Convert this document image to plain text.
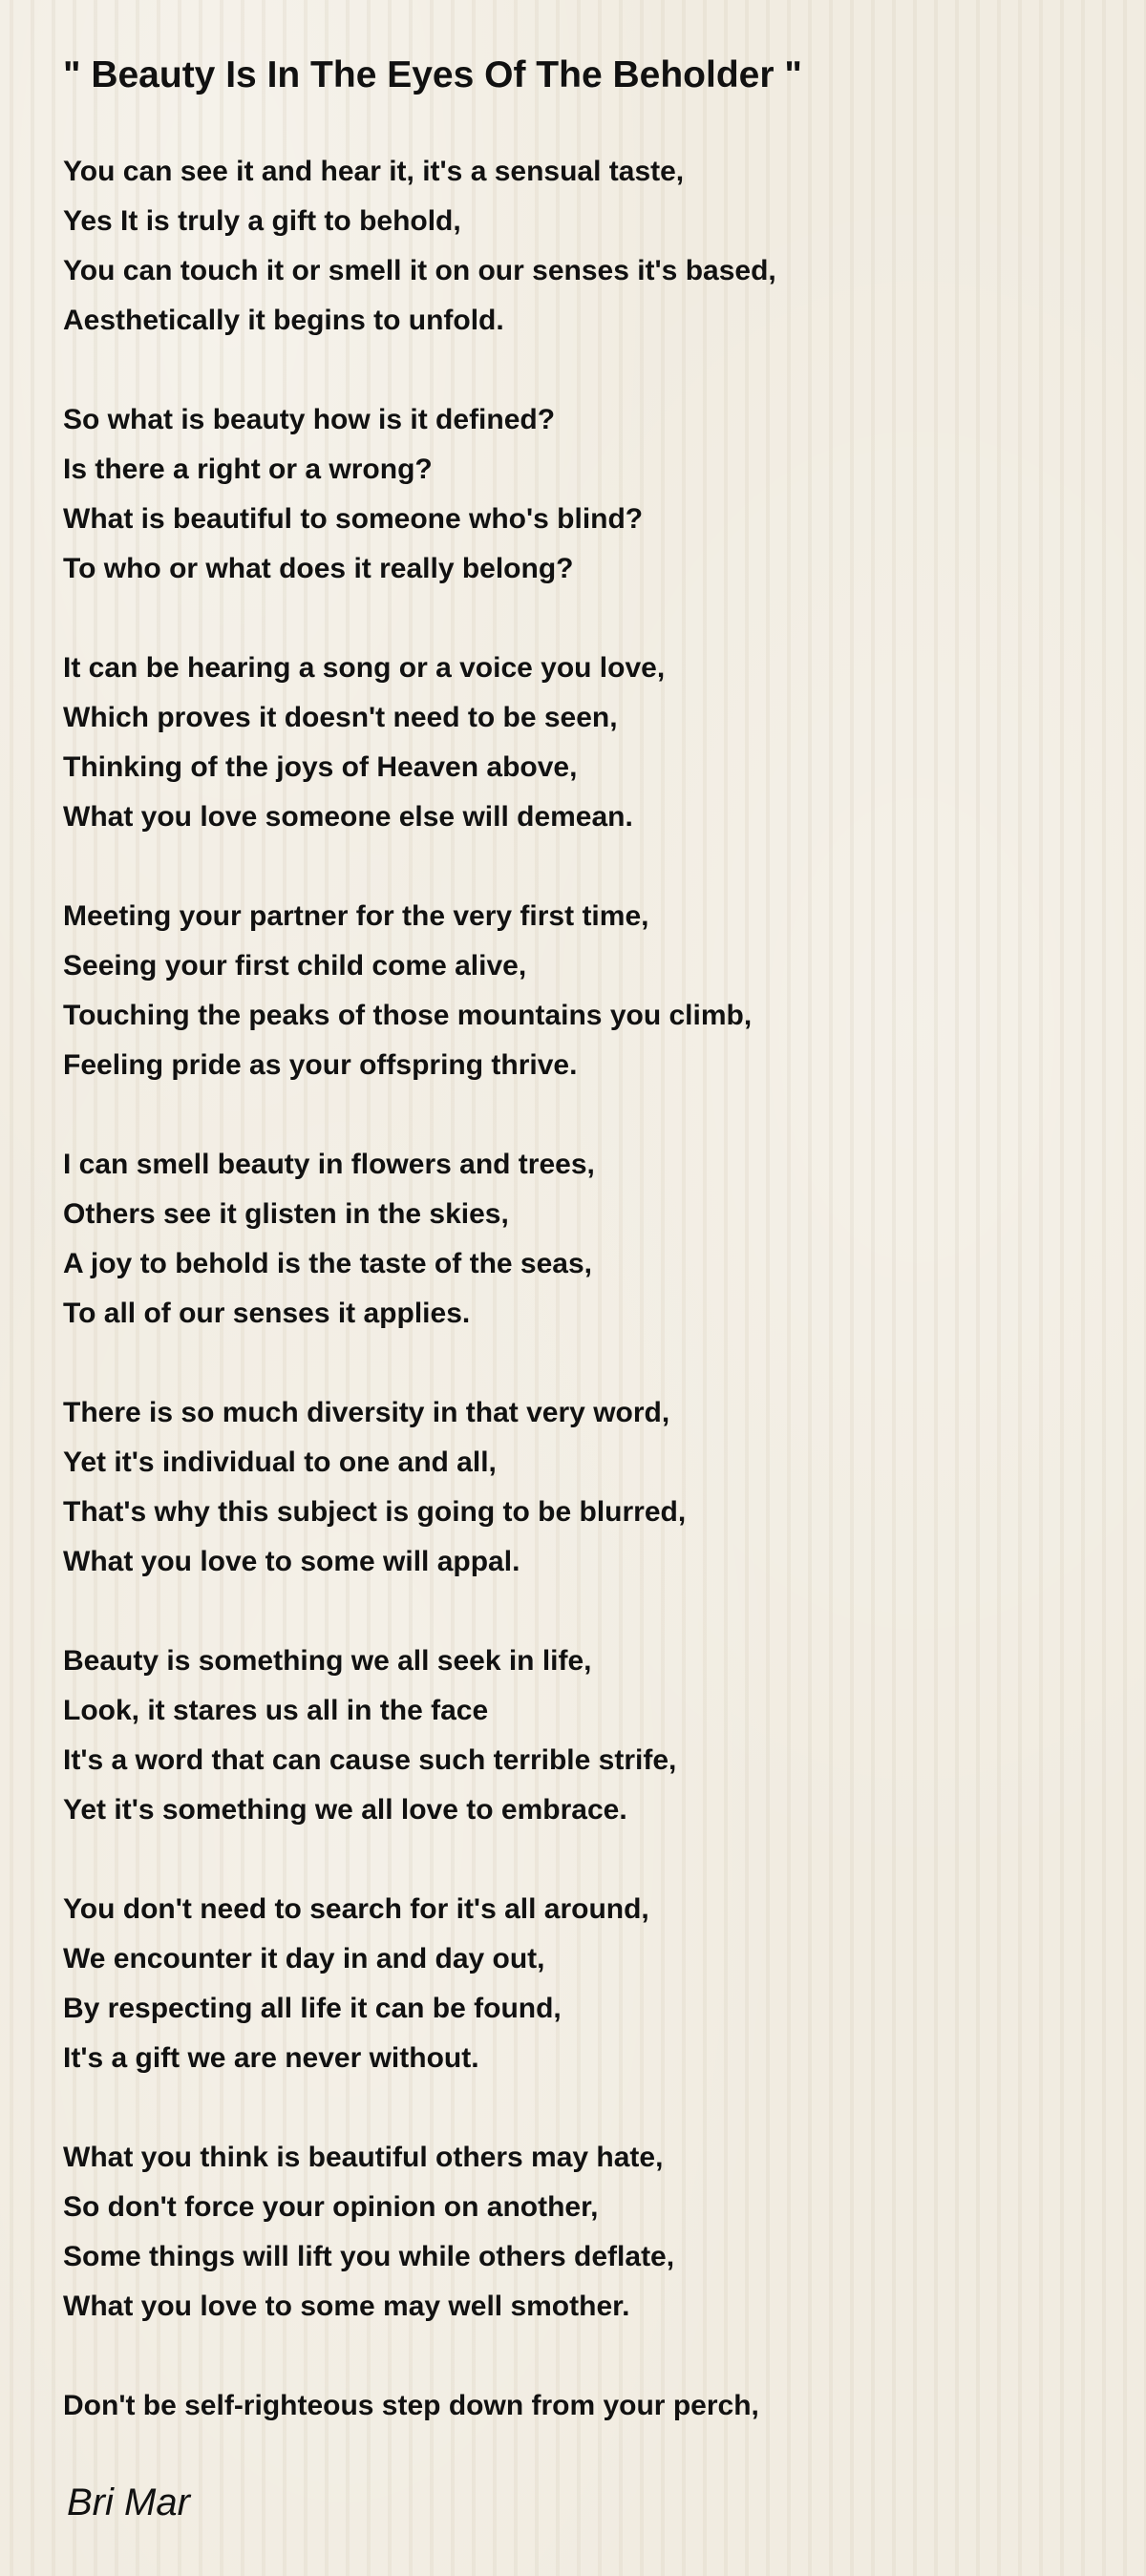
" Beauty Is In The Eyes Of The Beholder "
You can see it and hear it, it's a sensual taste,
Yes It is truly a gift to behold,
You can touch it or smell it on our senses it's based,
Aesthetically it begins to unfold.
So what is beauty how is it defined?
Is there a right or a wrong?
What is beautiful to someone who's blind?
To who or what does it really belong?
It can be hearing a song or a voice you love,
Which proves it doesn't need to be seen,
Thinking of the joys of Heaven above,
What you love someone else will demean.
Meeting your partner for the very first time,
Seeing your first child come alive,
Touching the peaks of those mountains you climb,
Feeling pride as your offspring thrive.
I can smell beauty in flowers and trees,
Others see it glisten in the skies,
A joy to behold is the taste of the seas,
To all of our senses it applies.
There is so much diversity in that very word,
Yet it's individual to one and all,
That's why this subject is going to be blurred,
What you love to some will appal.
Beauty is something we all seek in life,
Look, it stares us all in the face
It's a word that can cause such terrible strife,
Yet it's something we all love to embrace.
You don't need to search for it's all around,
We encounter it day in and day out,
By respecting all life it can be found,
It's a gift we are never without.
What you think is beautiful others may hate,
So don't force your opinion on another,
Some things will lift you while others deflate,
What you love to some may well smother.
Don't be self-righteous step down from your perch,
Bri Mar
